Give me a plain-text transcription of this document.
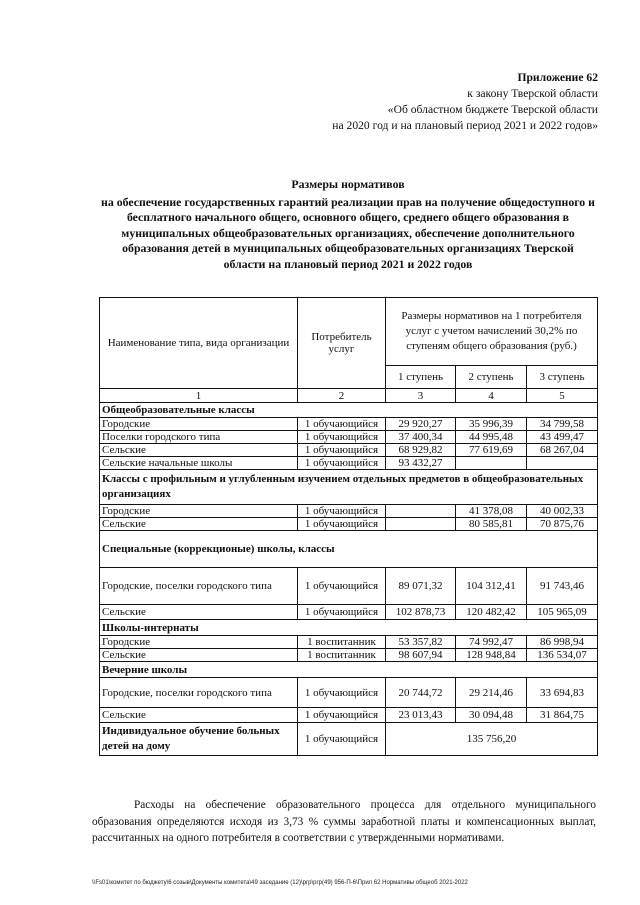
Приложение 62
к закону Тверской области
«Об областном бюджете Тверской области
на 2020 год и на плановый период 2021 и 2022 годов»
Размеры нормативов
на обеспечение государственных гарантий реализации прав на получение общедоступного и бесплатного начального общего, основного общего, среднего общего образования в муниципальных общеобразовательных организациях, обеспечение дополнительного образования детей в муниципальных общеобразовательных организациях Тверской области на плановый период 2021 и 2022 годов
Наименование типа, вида организации	Потребитель услуг	Размеры нормативов на 1 потребителя услуг с учетом начислений 30,2% по ступеням общего образования (руб.)		
		1 ступень	2 ступень	3 ступень
1	2	3	4	5
Общеобразовательные классы				
Городские	1 обучающийся	29 920,27	35 996,39	34 799,58
Поселки городского типа	1 обучающийся	37 400,34	44 995,48	43 499,47
Сельские	1 обучающийся	68 929,82	77 619,69	68 267,04
Сельские начальные школы	1 обучающийся	93 432,27		
Классы с профильным и углубленным изучением отдельных предметов в общеобразовательных организациях				
Городские	1 обучающийся		41 378,08	40 002,33
Сельские	1 обучающийся		80 585,81	70 875,76
Специальные (коррекционые) школы, классы				
Городские, поселки городского типа	1 обучающийся	89 071,32	104 312,41	91 743,46
Сельские	1 обучающийся	102 878,73	120 482,42	105 965,09
Школы-интернаты				
Городские	1 воспитанник	53 357,82	74 992,47	86 998,94
Сельские	1 воспитанник	98 607,94	128 948,84	136 534,07
Вечерние школы				
Городские, поселки городского типа	1 обучающийся	20 744,72	29 214,46	33 694,83
Сельские	1 обучающийся	23 013,43	30 094,48	31 864,75
Индивидуальное обучение больных детей на дому	1 обучающийся	135 756,20		
Расходы на обеспечение образовательного процесса для отдельного муниципального образования определяются исходя из 3,73 % суммы заработной платы и компенсационных выплат, рассчитанных на одного потребителя в соответствии с утвержденными нормативами.
\\Fs01\комитет по бюджету\6 созыв\Документы комитета\49 заседание (12)\ргр\ргр(49) 956-П-6\Прил 62 Нормативы общеоб 2021-2022
